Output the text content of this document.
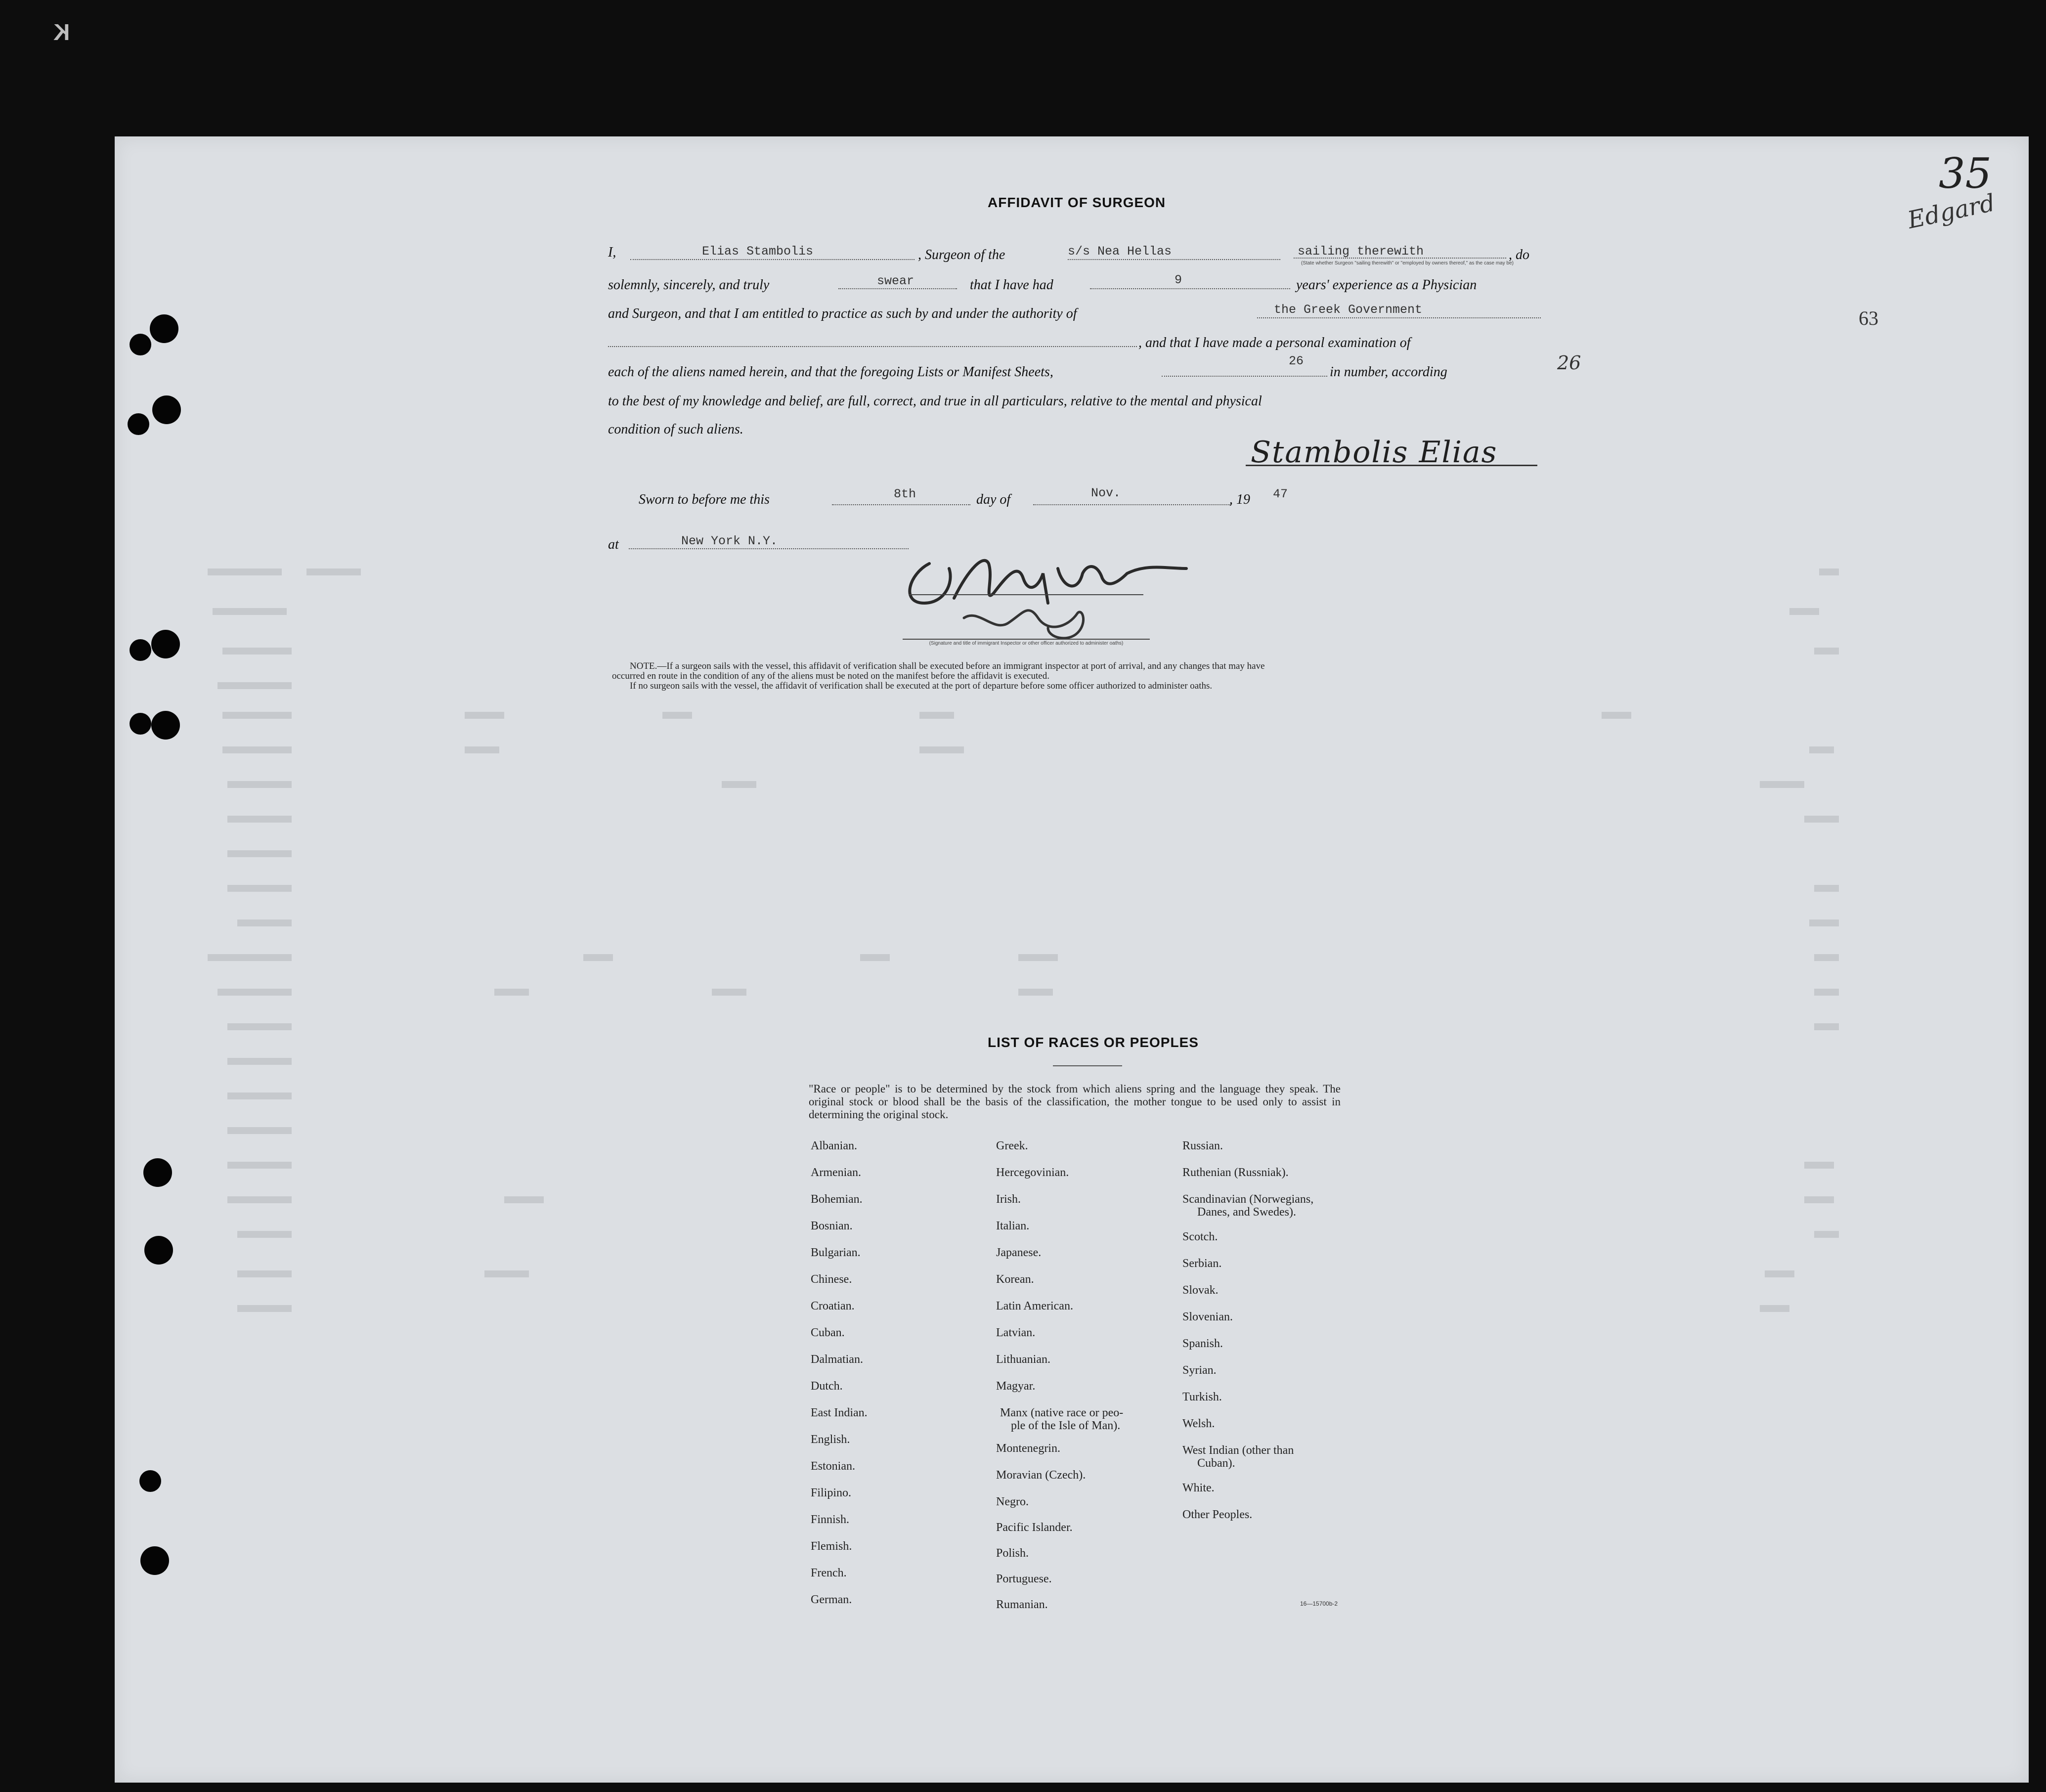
K
35
Edgard
63
26
AFFIDAVIT OF SURGEON
I,	Elias Stambolis	, Surgeon of the	s/s Nea Hellas	sailing therewith	, do
(State whether Surgeon "sailing therewith" or "employed by owners thereof," as the case may be)
solemnly, sincerely, and truly	swear	that I have had	9	years' experience as a Physician
and Surgeon, and that I am entitled to practice as such by and under the authority of	the Greek Government
, and that I have made a personal examination of
each of the aliens named herein, and that the foregoing Lists or Manifest Sheets,
26
in number, according
to the best of my knowledge and belief, are full, correct, and true in all particulars, relative to the mental and physical
condition of such aliens.
Stambolis Elias
Sworn to before me this	8th	day of	Nov.	, 19 47
at	New York N.Y.
(Signature and title of immigrant Inspector or other officer authorized to administer oaths)
NOTE.—If a surgeon sails with the vessel, this affidavit of verification shall be executed before an immigrant inspector at port of arrival, and any changes that may have
occurred en route in the condition of any of the aliens must be noted on the manifest before the affidavit is executed.
If no surgeon sails with the vessel, the affidavit of verification shall be executed at the port of departure before some officer authorized to administer oaths.
LIST OF RACES OR PEOPLES
"Race or people" is to be determined by the stock from which aliens spring and the language they speak. The original stock or blood shall be the basis of the classification, the mother tongue to be used only to assist in determining the original stock.
Albanian.
Armenian.
Bohemian.
Bosnian.
Bulgarian.
Chinese.
Croatian.
Cuban.
Dalmatian.
Dutch.
East Indian.
English.
Estonian.
Filipino.
Finnish.
Flemish.
French.
German.
Greek.
Hercegovinian.
Irish.
Italian.
Japanese.
Korean.
Latin American.
Latvian.
Lithuanian.
Magyar.
Manx (native race or peo-
ple of the Isle of Man).
Montenegrin.
Moravian (Czech).
Negro.
Pacific Islander.
Polish.
Portuguese.
Rumanian.
Russian.
Ruthenian (Russniak).
Scandinavian (Norwegians,
Danes, and Swedes).
Scotch.
Serbian.
Slovak.
Slovenian.
Spanish.
Syrian.
Turkish.
Welsh.
West Indian (other than
Cuban).
White.
Other Peoples.
16—15700b-2
